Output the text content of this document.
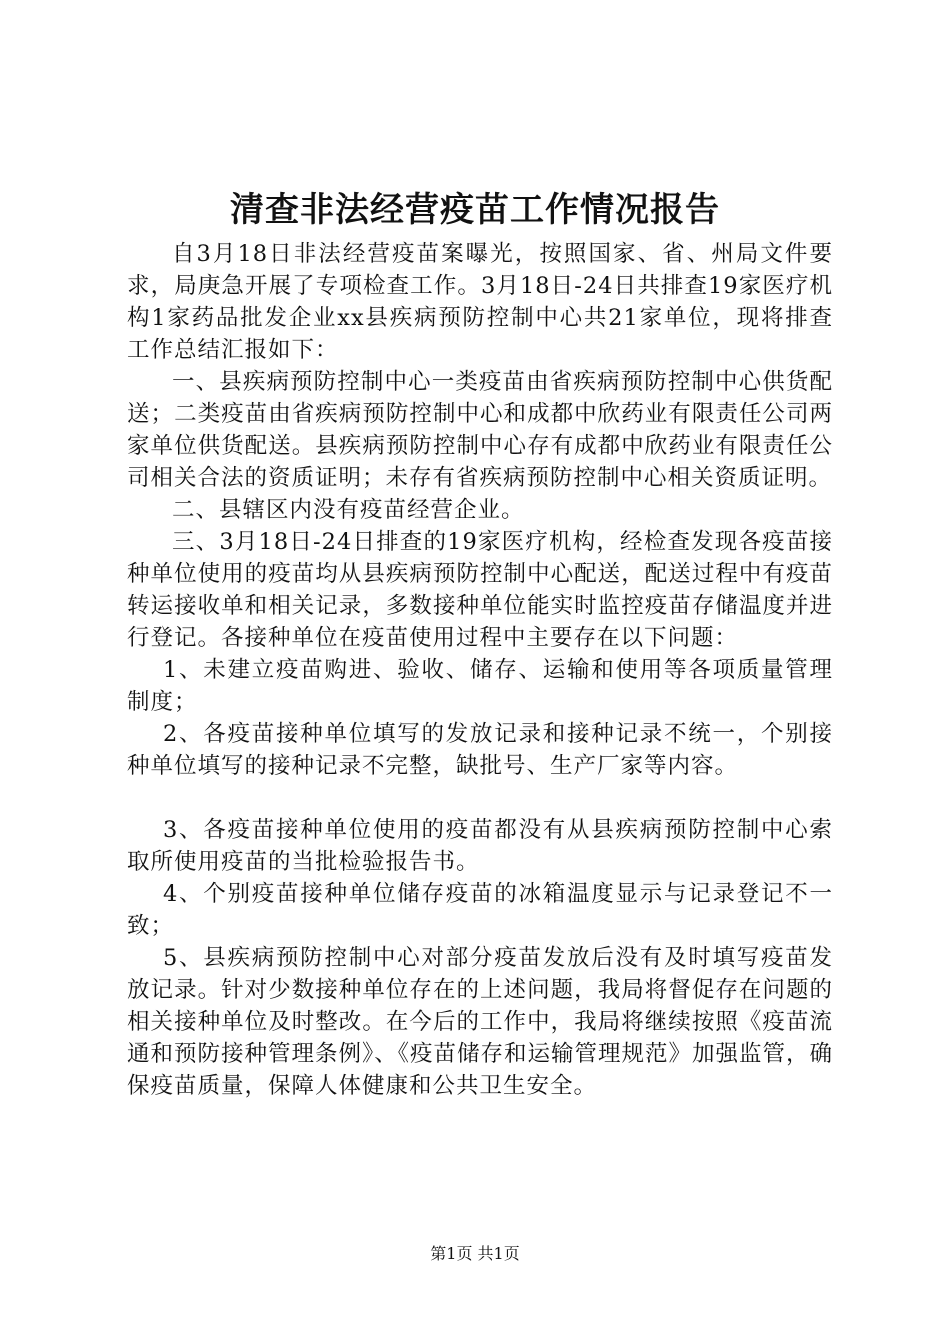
清查非法经营疫苗工作情况报告

自3月18日非法经营疫苗案曝光，按照国家、省、州局文件要求，局庚急开展了专项检查工作。3月18日-24日共排查19家医疗机构1家药品批发企业xx县疾病预防控制中心共21家单位，现将排查工作总结汇报如下：

一、县疾病预防控制中心一类疫苗由省疾病预防控制中心供货配送；二类疫苗由省疾病预防控制中心和成都中欣药业有限责任公司两家单位供货配送。县疾病预防控制中心存有成都中欣药业有限责任公司相关合法的资质证明；未存有省疾病预防控制中心相关资质证明。

二、县辖区内没有疫苗经营企业。

三、3月18日-24日排查的19家医疗机构，经检查发现各疫苗接种单位使用的疫苗均从县疾病预防控制中心配送，配送过程中有疫苗转运接收单和相关记录，多数接种单位能实时监控疫苗存储温度并进行登记。各接种单位在疫苗使用过程中主要存在以下问题：

1、未建立疫苗购进、验收、储存、运输和使用等各项质量管理制度；

2、各疫苗接种单位填写的发放记录和接种记录不统一，个别接种单位填写的接种记录不完整，缺批号、生产厂家等内容。

3、各疫苗接种单位使用的疫苗都没有从县疾病预防控制中心索取所使用疫苗的当批检验报告书。

4、个别疫苗接种单位储存疫苗的冰箱温度显示与记录登记不一致；

5、县疾病预防控制中心对部分疫苗发放后没有及时填写疫苗发放记录。针对少数接种单位存在的上述问题，我局将督促存在问题的相关接种单位及时整改。在今后的工作中，我局将继续按照《疫苗流通和预防接种管理条例》、《疫苗储存和运输管理规范》加强监管，确保疫苗质量，保障人体健康和公共卫生安全。

第1页 共1页
